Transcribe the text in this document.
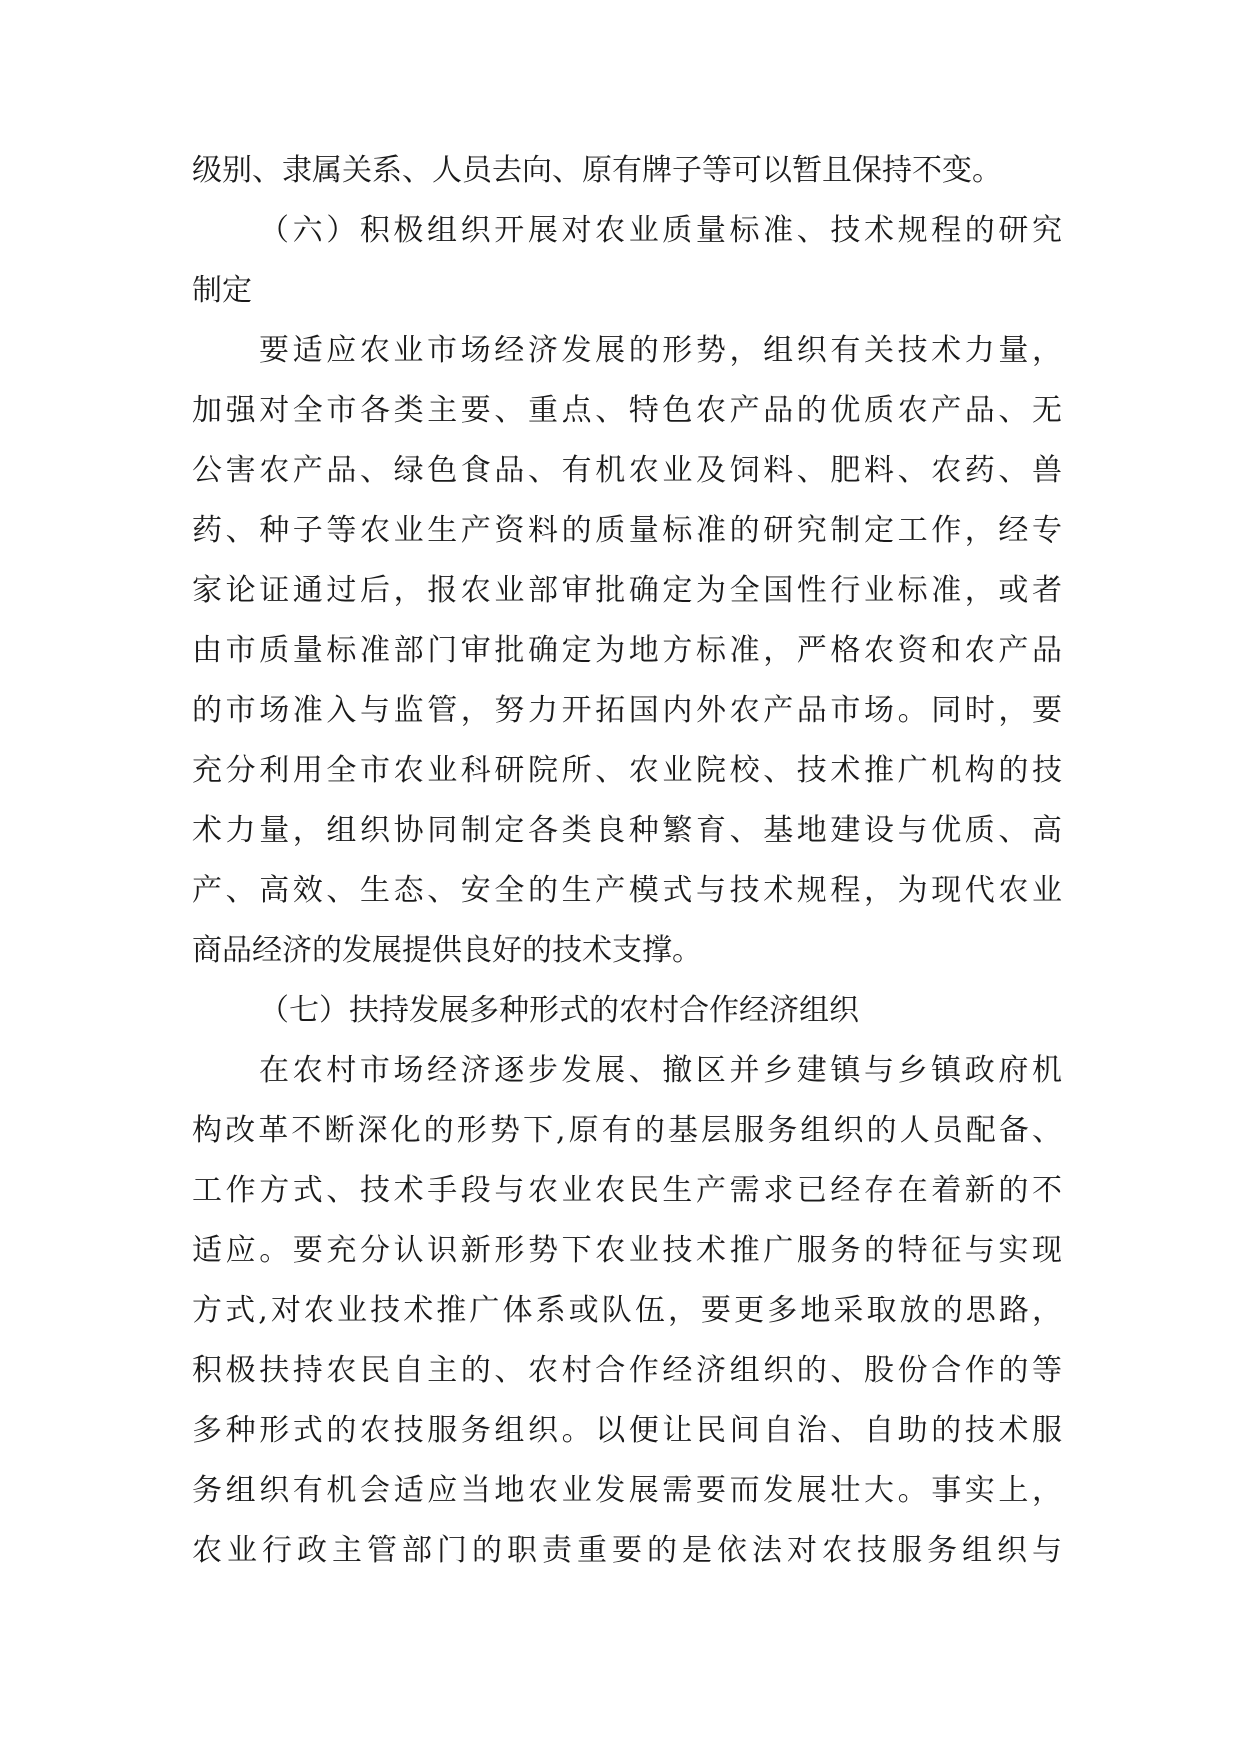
级别、隶属关系、人员去向、原有牌子等可以暂且保持不变。
（六）积极组织开展对农业质量标准、技术规程的研究
制定
要适应农业市场经济发展的形势，组织有关技术力量，
加强对全市各类主要、重点、特色农产品的优质农产品、无
公害农产品、绿色食品、有机农业及饲料、肥料、农药、兽
药、种子等农业生产资料的质量标准的研究制定工作，经专
家论证通过后，报农业部审批确定为全国性行业标准，或者
由市质量标准部门审批确定为地方标准，严格农资和农产品
的市场准入与监管，努力开拓国内外农产品市场。同时，要
充分利用全市农业科研院所、农业院校、技术推广机构的技
术力量，组织协同制定各类良种繁育、基地建设与优质、高
产、高效、生态、安全的生产模式与技术规程，为现代农业
商品经济的发展提供良好的技术支撑。
（七）扶持发展多种形式的农村合作经济组织
在农村市场经济逐步发展、撤区并乡建镇与乡镇政府机
构改革不断深化的形势下,原有的基层服务组织的人员配备、
工作方式、技术手段与农业农民生产需求已经存在着新的不
适应。要充分认识新形势下农业技术推广服务的特征与实现
方式,对农业技术推广体系或队伍，要更多地采取放的思路，
积极扶持农民自主的、农村合作经济组织的、股份合作的等
多种形式的农技服务组织。以便让民间自治、自助的技术服
务组织有机会适应当地农业发展需要而发展壮大。事实上，
农业行政主管部门的职责重要的是依法对农技服务组织与
